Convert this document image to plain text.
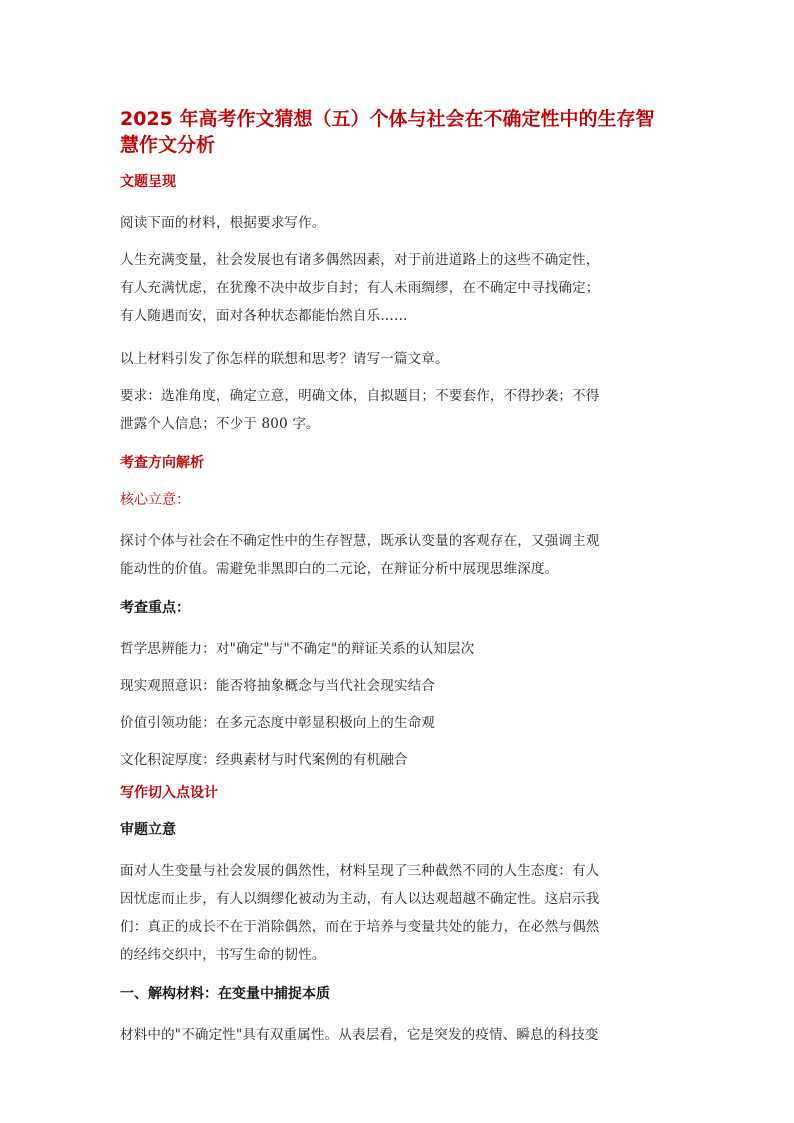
2025 年高考作文猜想（五）个体与社会在不确定性中的生存智
慧作文分析
文题呈现

阅读下面的材料，根据要求写作。

人生充满变量，社会发展也有诸多偶然因素，对于前进道路上的这些不确定性，
有人充满忧虑，在犹豫不决中故步自封；有人未雨绸缪，在不确定中寻找确定；
有人随遇而安，面对各种状态都能怡然自乐……

以上材料引发了你怎样的联想和思考？请写一篇文章。

要求：选准角度，确定立意，明确文体，自拟题目；不要套作，不得抄袭；不得
泄露个人信息；不少于 800 字。

考查方向解析
核心立意：

探讨个体与社会在不确定性中的生存智慧，既承认变量的客观存在，又强调主观
能动性的价值。需避免非黑即白的二元论，在辩证分析中展现思维深度。

考查重点：

哲学思辨能力：对"确定"与"不确定"的辩证关系的认知层次

现实观照意识：能否将抽象概念与当代社会现实结合

价值引领功能：在多元态度中彰显积极向上的生命观

文化积淀厚度：经典素材与时代案例的有机融合

写作切入点设计
审题立意

面对人生变量与社会发展的偶然性，材料呈现了三种截然不同的人生态度：有人
因忧虑而止步，有人以绸缪化被动为主动，有人以达观超越不确定性。这启示我
们：真正的成长不在于消除偶然，而在于培养与变量共处的能力，在必然与偶然
的经纬交织中，书写生命的韧性。

一、解构材料：在变量中捕捉本质

材料中的"不确定性"具有双重属性。从表层看，它是突发的疫情、瞬息的科技变
